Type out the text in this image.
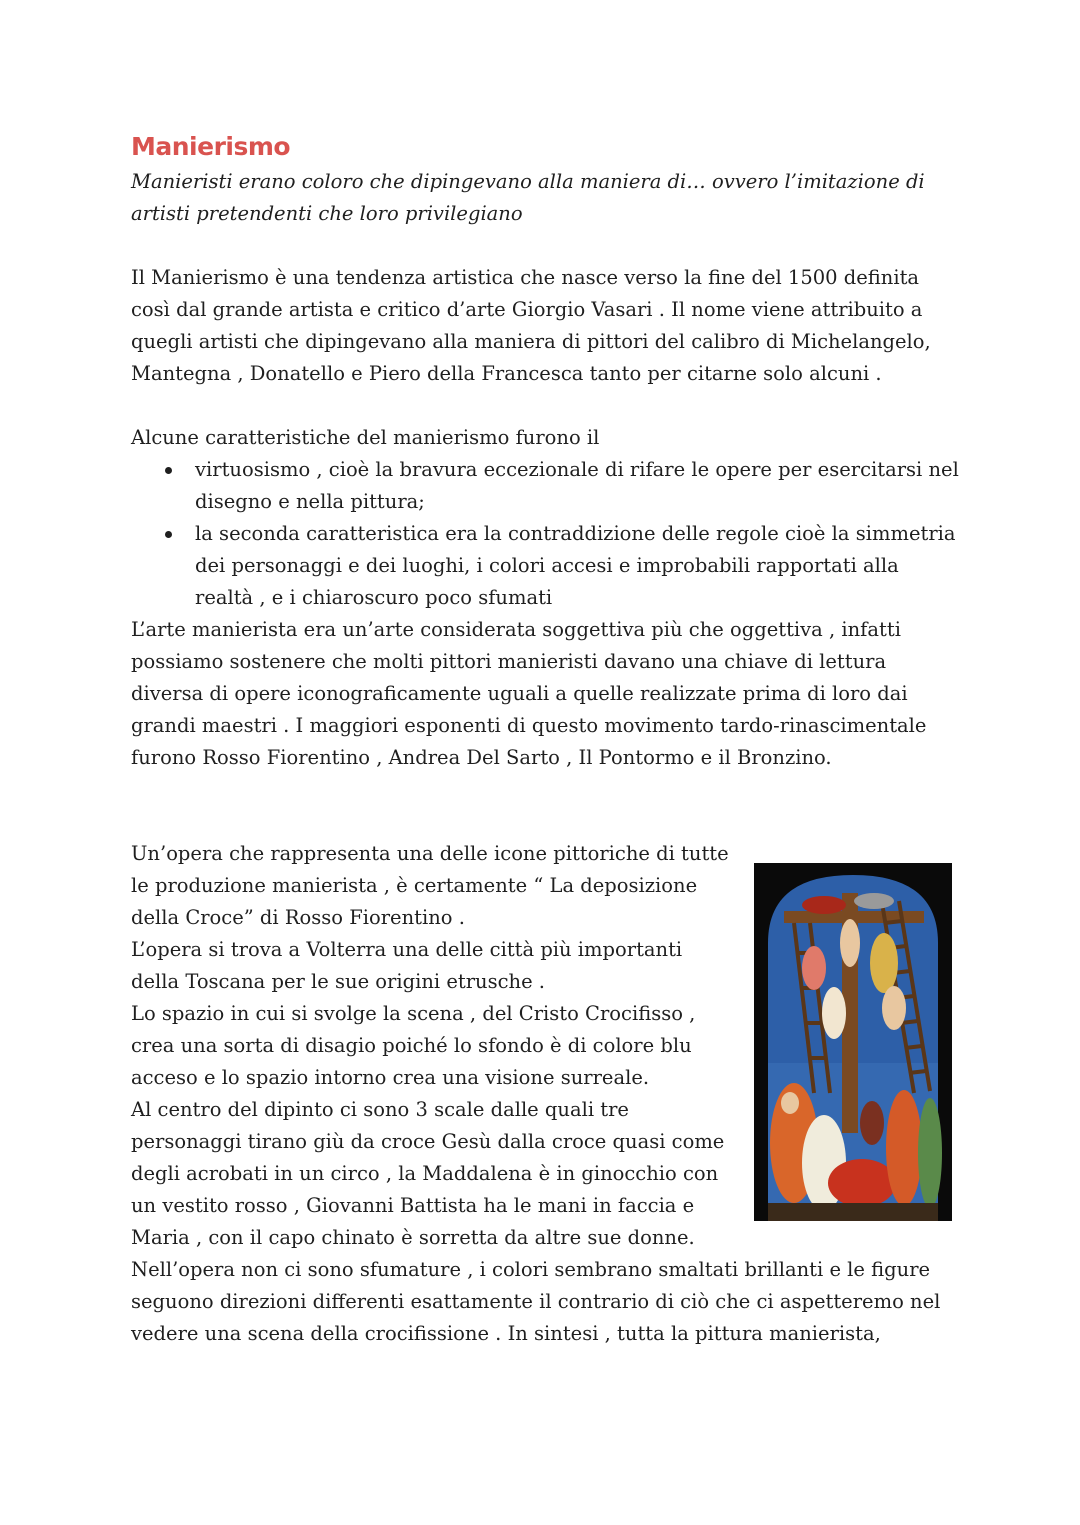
Manierismo

Manieristi erano coloro che dipingevano alla maniera di… ovvero l’imitazione di artisti pretendenti che loro privilegiano

Il Manierismo è una tendenza artistica che nasce verso la fine del 1500 definita così dal grande artista e critico d’arte Giorgio Vasari . Il nome viene attribuito a quegli artisti che dipingevano alla maniera di pittori del calibro di Michelangelo, Mantegna , Donatello e Piero della Francesca tanto per citarne solo alcuni .

Alcune caratteristiche del manierismo furono il

virtuosismo , cioè la bravura eccezionale di rifare le opere per esercitarsi nel disegno e nella pittura;
la seconda caratteristica era la contraddizione delle regole cioè la simmetria dei personaggi e dei luoghi, i colori accesi e improbabili rapportati alla realtà , e i chiaroscuro poco sfumati

L’arte manierista era un’arte considerata soggettiva più che oggettiva , infatti possiamo sostenere che molti pittori manieristi davano una chiave di lettura diversa di opere iconograficamente uguali a quelle realizzate prima di loro dai grandi maestri . I maggiori esponenti di questo movimento tardo-rinascimentale furono Rosso Fiorentino , Andrea Del Sarto , Il Pontormo e il Bronzino.

Un’opera che rappresenta una delle icone pittoriche di tutte

le produzione manierista , è certamente “ La deposizione

della Croce” di Rosso Fiorentino .

L’opera si trova a Volterra una delle città più importanti

della Toscana per le sue origini etrusche .

Lo spazio in cui si svolge la scena , del Cristo Crocifisso ,

crea una sorta di disagio poiché lo sfondo è di colore blu

acceso e lo spazio intorno crea una visione surreale.

Al centro del dipinto ci sono 3 scale dalle quali tre

personaggi tirano giù da croce Gesù dalla croce quasi come

degli acrobati in un circo , la Maddalena è in ginocchio con

un vestito rosso , Giovanni Battista ha le mani in faccia e

Maria , con il capo chinato è sorretta da altre sue donne.

Nell’opera non ci sono sfumature , i colori sembrano smaltati brillanti e le figure seguono direzioni differenti esattamente il contrario di ciò che ci aspetteremo nel vedere una scena della crocifissione . In sintesi , tutta la pittura manierista,
